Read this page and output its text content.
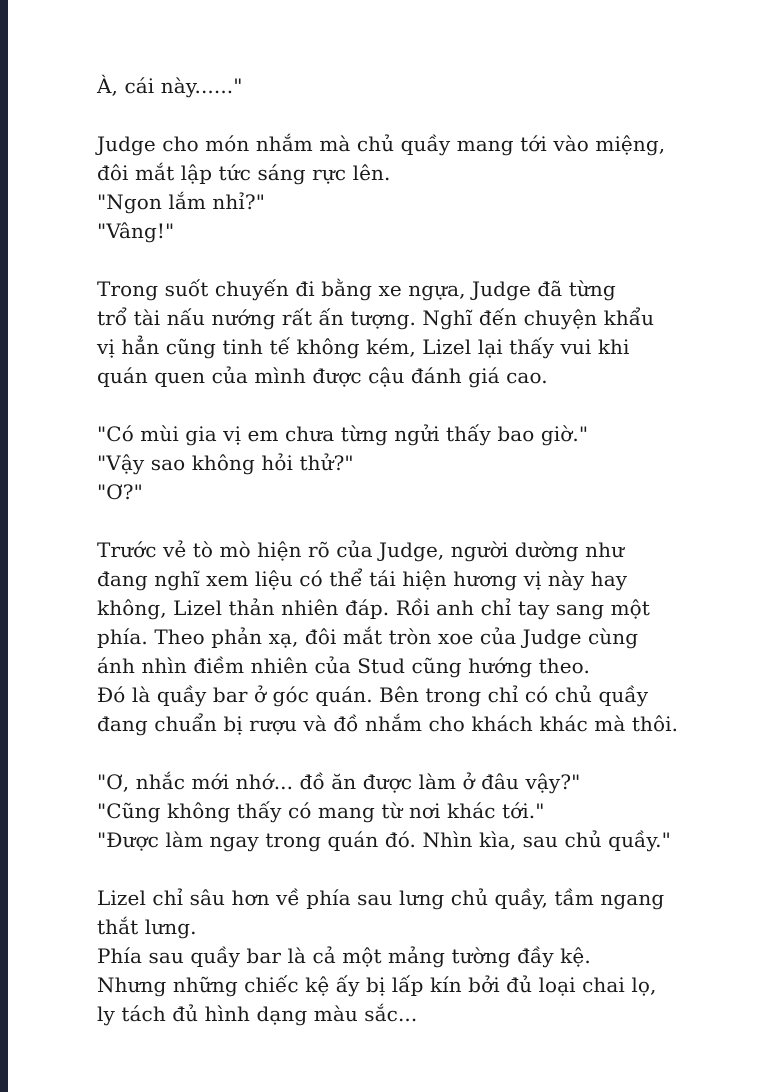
À, cái này......"
Judge cho món nhắm mà chủ quầy mang tới vào miệng,
đôi mắt lập tức sáng rực lên.
"Ngon lắm nhỉ?"
"Vâng!"
Trong suốt chuyến đi bằng xe ngựa, Judge đã từng
trổ tài nấu nướng rất ấn tượng. Nghĩ đến chuyện khẩu
vị hẳn cũng tinh tế không kém, Lizel lại thấy vui khi
quán quen của mình được cậu đánh giá cao.
"Có mùi gia vị em chưa từng ngửi thấy bao giờ."
"Vậy sao không hỏi thử?"
"Ơ?"
Trước vẻ tò mò hiện rõ của Judge, người dường như
đang nghĩ xem liệu có thể tái hiện hương vị này hay
không, Lizel thản nhiên đáp. Rồi anh chỉ tay sang một
phía. Theo phản xạ, đôi mắt tròn xoe của Judge cùng
ánh nhìn điềm nhiên của Stud cũng hướng theo.
Đó là quầy bar ở góc quán. Bên trong chỉ có chủ quầy
đang chuẩn bị rượu và đồ nhắm cho khách khác mà thôi.
"Ơ, nhắc mới nhớ... đồ ăn được làm ở đâu vậy?"
"Cũng không thấy có mang từ nơi khác tới."
"Được làm ngay trong quán đó. Nhìn kìa, sau chủ quầy."
Lizel chỉ sâu hơn về phía sau lưng chủ quầy, tầm ngang
thắt lưng.
Phía sau quầy bar là cả một mảng tường đầy kệ.
Nhưng những chiếc kệ ấy bị lấp kín bởi đủ loại chai lọ,
ly tách đủ hình dạng màu sắc...
